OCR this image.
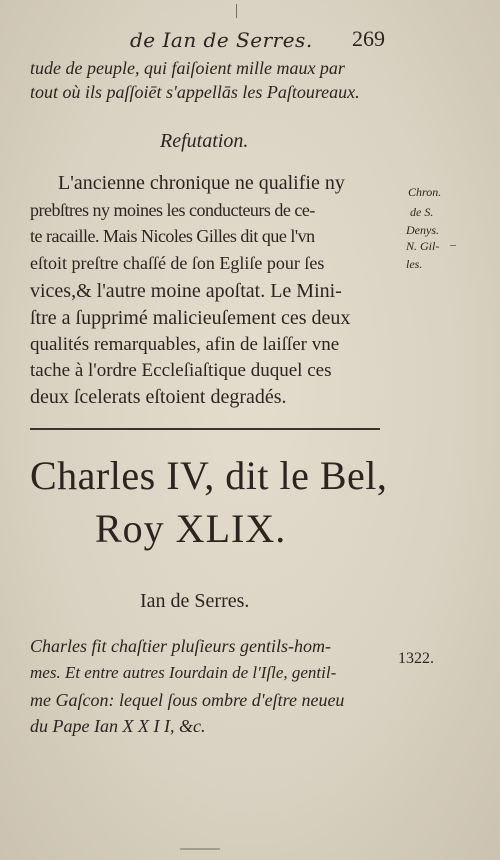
de Ian de Serres. 269
tude de peuple, qui faiſoient mille maux par
tout où ils paſſoiēt s'appellās les Paſtoureaux.
Refutation.
L'ancienne chronique ne qualifie ny
prebſtres ny moines les conducteurs de ce-
te racaille. Mais Nicoles Gilles dit que l'vn
eſtoit preſtre chaſſé de ſon Egliſe pour ſes
vices,& l'autre moine apoſtat. Le Mini-
ſtre a ſupprimé malicieuſement ces deux
qualités remarquables, afin de laiſſer vne
tache à l'ordre Eccleſiaſtique duquel ces
deux ſcelerats eſtoient degradés.
Chron.
de S.
Denys.
N. Gil-
les.
Charles IV, dit le Bel,
Roy XLIX.
Ian de Serres.
Charles fit chaſtier pluſieurs gentils-hom-
mes. Et entre autres Iourdain de l'Iſle, gentil-
me Gaſcon: lequel ſous ombre d'eſtre neueu
du Pape Ian X X I I, &c.
1322.
